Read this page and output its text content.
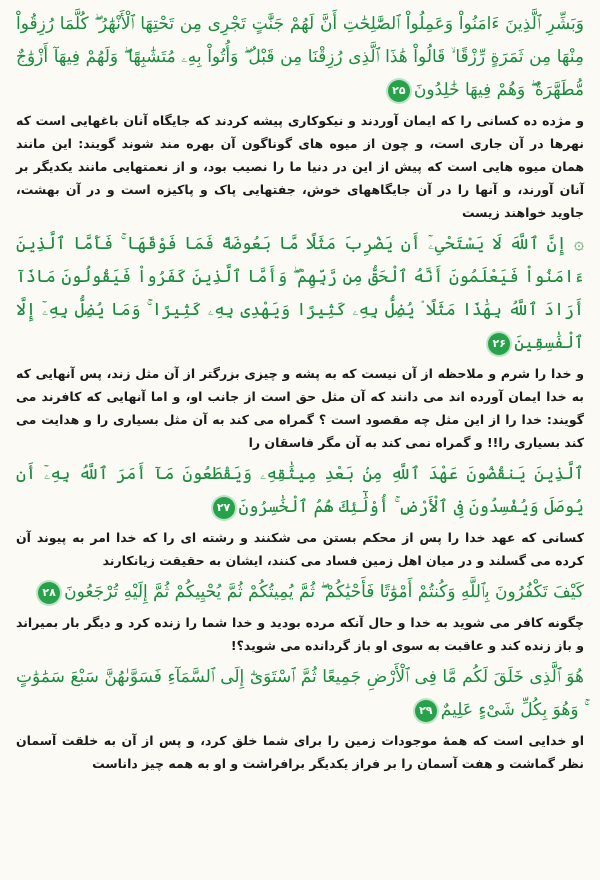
وَبَشِّرِ ٱلَّذِينَ ءَامَنُواْ وَعَمِلُواْ ٱلصَّٰلِحَٰتِ أَنَّ لَهُمْ جَنَّٰتٍ تَجْرِى مِن تَحْتِهَا ٱلْأَنْهَٰرُ ۖ كُلَّمَا رُزِقُواْ مِنْهَا مِن ثَمَرَةٍ رِّزْقًا ۙ قَالُواْ هَٰذَا ٱلَّذِى رُزِقْنَا مِن قَبْلُ ۖ وَأُتُواْ بِهِۦ مُتَشَٰبِهًا ۖ وَلَهُمْ فِيهَآ أَزْوَٰجٌ مُّطَهَّرَةٌ ۖ وَهُمْ فِيهَا خَٰلِدُونَ۲۵

و مژده ده کسانی را که ایمان آوردند و نیکوکاری پیشه کردند که جایگاه آنان باغهایی است که نهرها در آن جاری است، و چون از میوه های گوناگون آن بهره مند شوند گویند: این مانند همان میوه هایی است که پیش از این در دنیا ما را نصیب بود، و از نعمتهایی مانند یکدیگر بر آنان آورند، و آنها را در آن جایگاههای خوش، جفتهایی پاک و پاکیزه است و در آن بهشت، جاوید خواهند زیست

۞ إِنَّ ٱللَّهَ لَا يَسْتَحْىِۦٓ أَن يَضْرِبَ مَثَلًا مَّا بَعُوضَةً فَمَا فَوْقَهَا ۚ فَأَمَّا ٱلَّذِينَ ءَامَنُواْ فَيَعْلَمُونَ أَنَّهُ ٱلْحَقُّ مِن رَّبِّهِمْ ۖ وَأَمَّا ٱلَّذِينَ كَفَرُواْ فَيَقُولُونَ مَاذَآ أَرَادَ ٱللَّهُ بِهَٰذَا مَثَلًا ۘ يُضِلُّ بِهِۦ كَثِيرًا وَيَهْدِى بِهِۦ كَثِيرًا ۚ وَمَا يُضِلُّ بِهِۦٓ إِلَّا ٱلْفَٰسِقِينَ۲۶

و خدا را شرم و ملاحظه از آن نیست که به پشه و چیزی بزرگتر از آن مثل زند، پس آنهایی که به خدا ایمان آورده اند می دانند که آن مثل حق است از جانب او، و اما آنهایی که کافرند می گویند: خدا را از این مثل چه مقصود است ؟ گمراه می کند به آن مثل بسیاری را و هدایت می کند بسیاری را!! و گمراه نمی کند به آن مگر فاسقان را

ٱلَّذِينَ يَنقُضُونَ عَهْدَ ٱللَّهِ مِنۢ بَعْدِ مِيثَٰقِهِۦ وَيَقْطَعُونَ مَآ أَمَرَ ٱللَّهُ بِهِۦٓ أَن يُوصَلَ وَيُفْسِدُونَ فِى ٱلْأَرْضِ ۚ أُوْلَٰٓئِكَ هُمُ ٱلْخَٰسِرُونَ۲۷

کسانی که عهد خدا را پس از محکم بستن می شکنند و رشته ای را که خدا امر به پیوند آن کرده می گسلند و در میان اهل زمین فساد می کنند، ایشان به حقیقت زیانکارند

كَيْفَ تَكْفُرُونَ بِٱللَّهِ وَكُنتُمْ أَمْوَٰتًا فَأَحْيَٰكُمْ ۖ ثُمَّ يُمِيتُكُمْ ثُمَّ يُحْيِيكُمْ ثُمَّ إِلَيْهِ تُرْجَعُونَ۲۸

چگونه کافر می شوید به خدا و حال آنکه مرده بودید و خدا شما را زنده کرد و دیگر بار بمیراند و باز زنده کند و عاقبت به سوی او باز گردانده می شوید؟!

هُوَ ٱلَّذِى خَلَقَ لَكُم مَّا فِى ٱلْأَرْضِ جَمِيعًا ثُمَّ ٱسْتَوَىٰٓ إِلَى ٱلسَّمَآءِ فَسَوَّىٰهُنَّ سَبْعَ سَمَٰوَٰتٍ ۚ وَهُوَ بِكُلِّ شَىْءٍ عَلِيمٌ۲۹

او خدایی است که همهٔ موجودات زمین را برای شما خلق کرد، و پس از آن به خلقت آسمان نظر گماشت و هفت آسمان را بر فراز یکدیگر برافراشت و او به همه چیز داناست
